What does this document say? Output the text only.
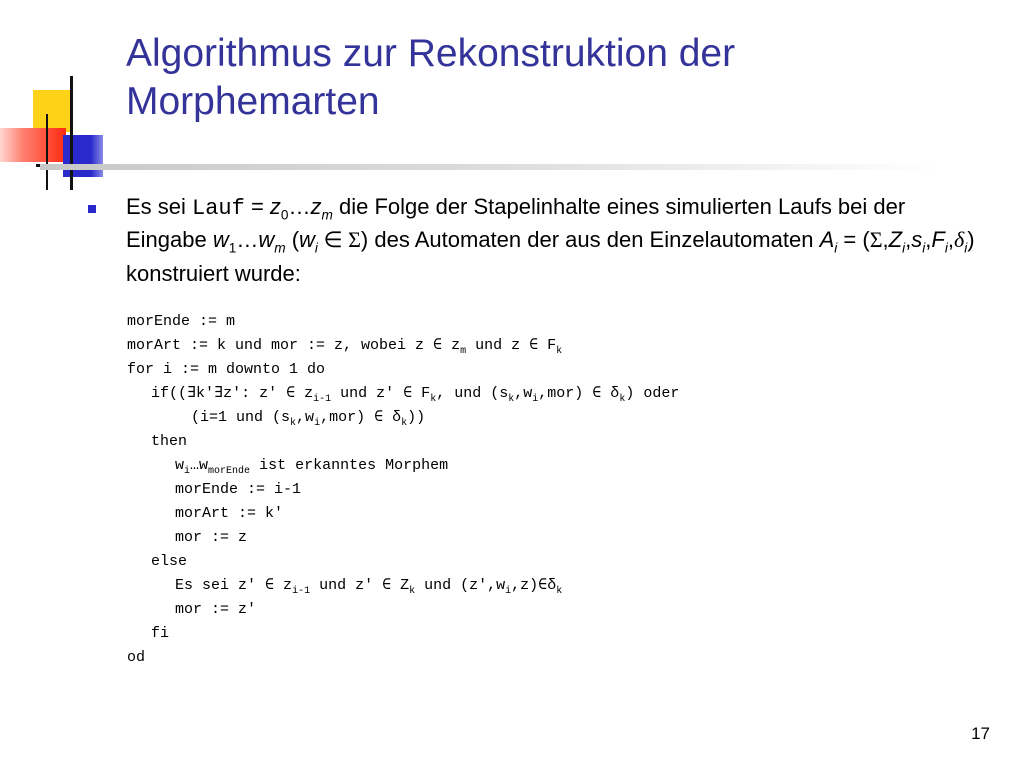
Algorithmus zur Rekonstruktion der Morphemarten
Es sei Lauf = $z_0\dots z_m$ die Folge der Stapelinhalte eines simulierten Laufs bei der Eingabe $w_1\dots w_m$ ($w_i$ ∈ Σ) des Automaten der aus den Einzelautomaten $A_i = (\Sigma,Z_i,s_i,F_i,\delta_i)$ konstruiert wurde:
morEnde := m
morArt := k und mor := z, wobei z ∈ $z_m$ und z ∈ $F_k$
for i := m downto 1 do
if((∃k'∃z': z' ∈ $z_{i-1}$ und z' ∈ $F_k$, und $(s_k,w_i,mor)$ ∈ $\delta_k$) oder
(i=1 und $(s_k,w_i,mor)$ ∈ $\delta_k$))
then
$w_i\dots w_{morEnde}$ ist erkanntes Morphem
morEnde := i-1
morArt := k'
mor := z
else
Es sei z' ∈ $z_{i-1}$ und z' ∈ $Z_k$ und $(z',w_i,z)\in\delta_k$
mor := z'
fi
od
17
